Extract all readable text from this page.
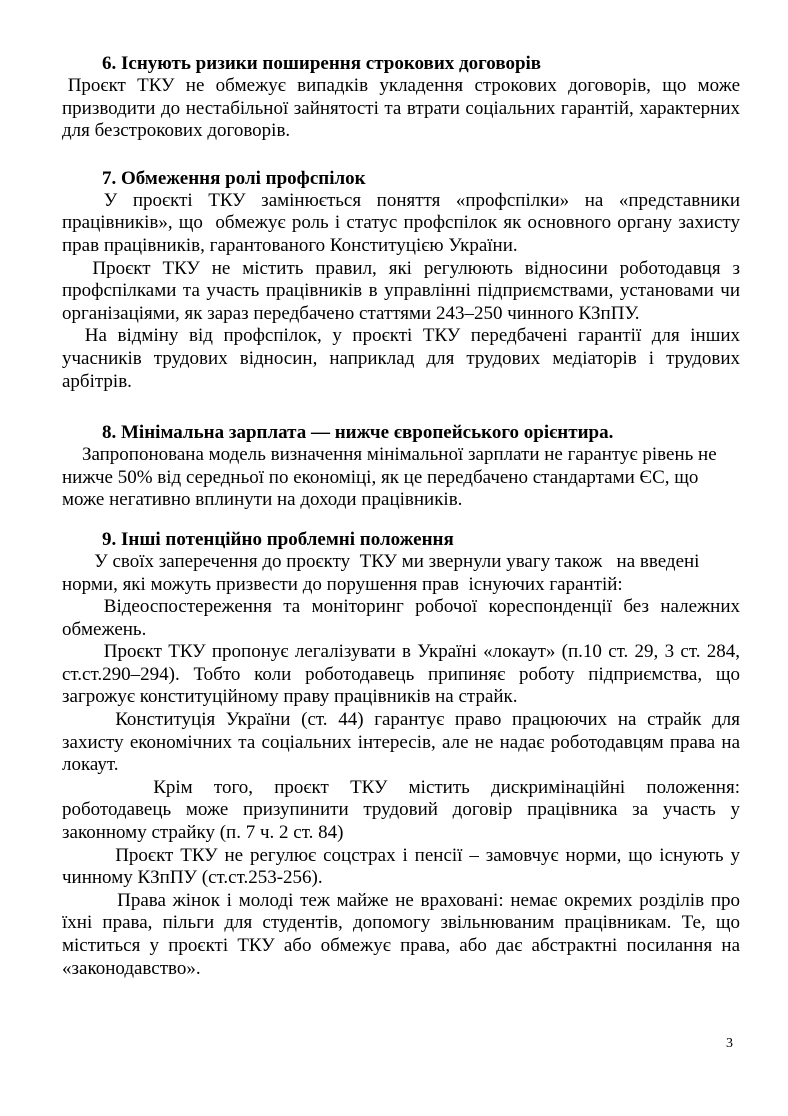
6. Існують ризики поширення строкових договорів

Проєкт ТКУ не обмежує випадків укладення строкових договорів, що може призводити до нестабільної зайнятості та втрати соціальних гарантій, характерних для безстрокових договорів.

7. Обмеження ролі профспілок

У проєкті ТКУ замінюється поняття «профспілки» на «представники працівників», що  обмежує роль і статус профспілок як основного органу захисту прав працівників, гарантованого Конституцією України.

Проєкт ТКУ не містить правил, які регулюють відносини роботодавця з профспілками та участь працівників в управлінні підприємствами, установами чи організаціями, як зараз передбачено статтями 243–250 чинного КЗпПУ.

На відміну від профспілок, у проєкті ТКУ передбачені гарантії для інших учасників трудових відносин, наприклад для трудових медіаторів і трудових арбітрів.

8. Мінімальна зарплата — нижче європейського орієнтира.

Запропонована модель визначення мінімальної зарплати не гарантує рівень не нижче 50% від середньої по економіці, як це передбачено стандартами ЄС, що може негативно вплинути на доходи працівників.

9. Інші потенційно проблемні положення

У своїх заперечення до проєкту  ТКУ ми звернули увагу також   на введені норми, які можуть призвести до порушення прав  існуючих гарантій:

Відеоспостереження та моніторинг робочої кореспонденції без належних обмежень.

Проєкт ТКУ пропонує легалізувати в Україні «локаут» (п.10 ст. 29, 3 ст. 284, ст.ст.290–294). Тобто коли роботодавець припиняє роботу підприємства, що загрожує конституційному праву працівників на страйк.

Конституція України (ст. 44) гарантує право працюючих на страйк для захисту економічних та соціальних інтересів, але не надає роботодавцям права на локаут.

Крім того, проєкт ТКУ містить дискримінаційні положення: роботодавець може призупинити трудовий договір працівника за участь у законному страйку (п. 7 ч. 2 ст. 84)

Проєкт ТКУ не регулює соцстрах і пенсії – замовчує норми, що існують у чинному КЗпПУ (ст.ст.253-256).

Права жінок і молоді теж майже не враховані: немає окремих розділів про їхні права, пільги для студентів, допомогу звільнюваним працівникам. Те, що міститься у проєкті ТКУ або обмежує права, або дає абстрактні посилання на «законодавство».

3
